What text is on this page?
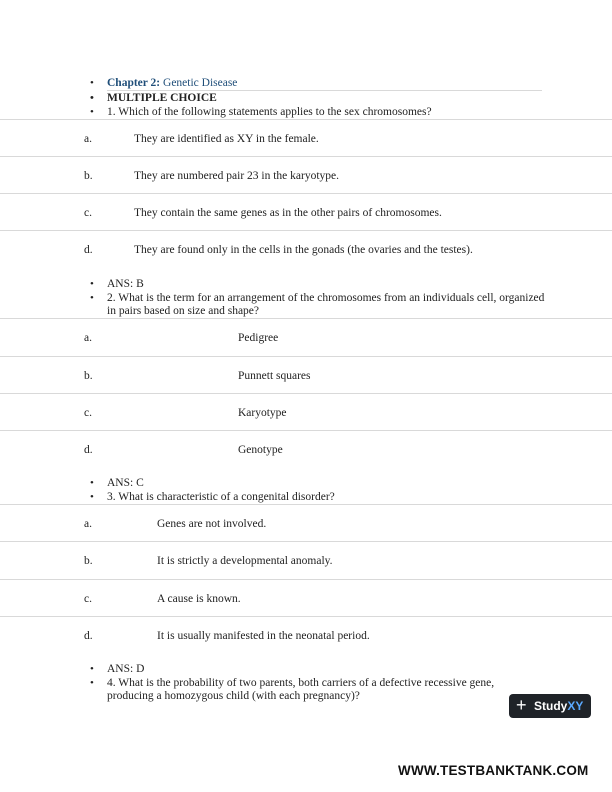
• Chapter 2: Genetic Disease
• MULTIPLE CHOICE
• 1. Which of the following statements applies to the sex chromosomes?
a.	They are identified as XY in the female.
b.	They are numbered pair 23 in the karyotype.
c.	They contain the same genes as in the other pairs of chromosomes.
d.	They are found only in the cells in the gonads (the ovaries and the testes).
• ANS: B
• 2. What is the term for an arrangement of the chromosomes from an individuals cell, organized in pairs based on size and shape?
a.	Pedigree
b.	Punnett squares
c.	Karyotype
d.	Genotype
• ANS: C
• 3. What is characteristic of a congenital disorder?
a.	Genes are not involved.
b.	It is strictly a developmental anomaly.
c.	A cause is known.
d.	It is usually manifested in the neonatal period.
• ANS: D
• 4. What is the probability of two parents, both carriers of a defective recessive gene, producing a homozygous child (with each pregnancy)?	+ StudyXY
WWW.TESTBANKTANK.COM
